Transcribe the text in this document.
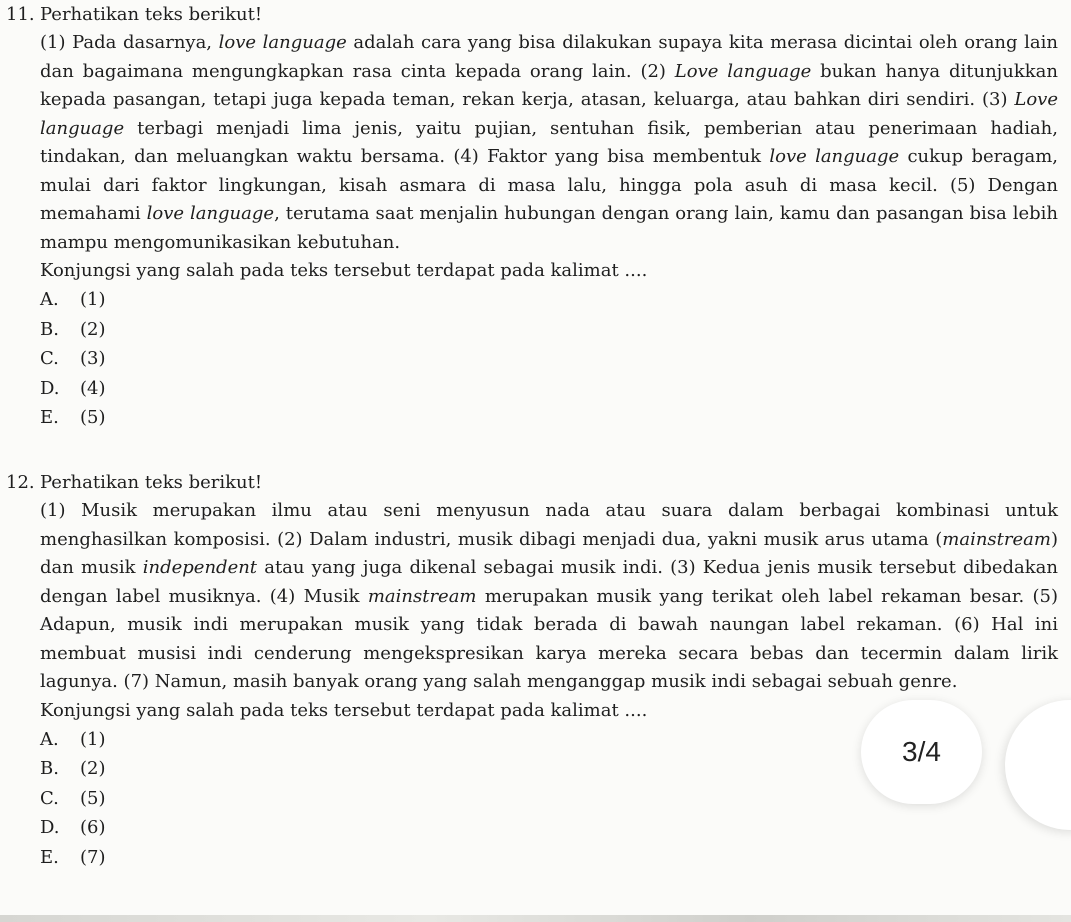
11. Perhatikan teks berikut!
(1) Pada dasarnya, love language adalah cara yang bisa dilakukan supaya kita merasa dicintai oleh orang lain dan bagaimana mengungkapkan rasa cinta kepada orang lain. (2) Love language bukan hanya ditunjukkan kepada pasangan, tetapi juga kepada teman, rekan kerja, atasan, keluarga, atau bahkan diri sendiri. (3) Love language terbagi menjadi lima jenis, yaitu pujian, sentuhan fisik, pemberian atau penerimaan hadiah, tindakan, dan meluangkan waktu bersama. (4) Faktor yang bisa membentuk love language cukup beragam, mulai dari faktor lingkungan, kisah asmara di masa lalu, hingga pola asuh di masa kecil. (5) Dengan memahami love language, terutama saat menjalin hubungan dengan orang lain, kamu dan pasangan bisa lebih mampu mengomunikasikan kebutuhan.
Konjungsi yang salah pada teks tersebut terdapat pada kalimat ....
A. (1)
B. (2)
C. (3)
D. (4)
E. (5)
12. Perhatikan teks berikut!
(1) Musik merupakan ilmu atau seni menyusun nada atau suara dalam berbagai kombinasi untuk menghasilkan komposisi. (2) Dalam industri, musik dibagi menjadi dua, yakni musik arus utama (mainstream) dan musik independent atau yang juga dikenal sebagai musik indi. (3) Kedua jenis musik tersebut dibedakan dengan label musiknya. (4) Musik mainstream merupakan musik yang terikat oleh label rekaman besar. (5) Adapun, musik indi merupakan musik yang tidak berada di bawah naungan label rekaman. (6) Hal ini membuat musisi indi cenderung mengekspresikan karya mereka secara bebas dan tecermin dalam lirik lagunya. (7) Namun, masih banyak orang yang salah menganggap musik indi sebagai sebuah genre.
Konjungsi yang salah pada teks tersebut terdapat pada kalimat ....
A. (1)
B. (2)
C. (5)
D. (6)
E. (7)
3/4
